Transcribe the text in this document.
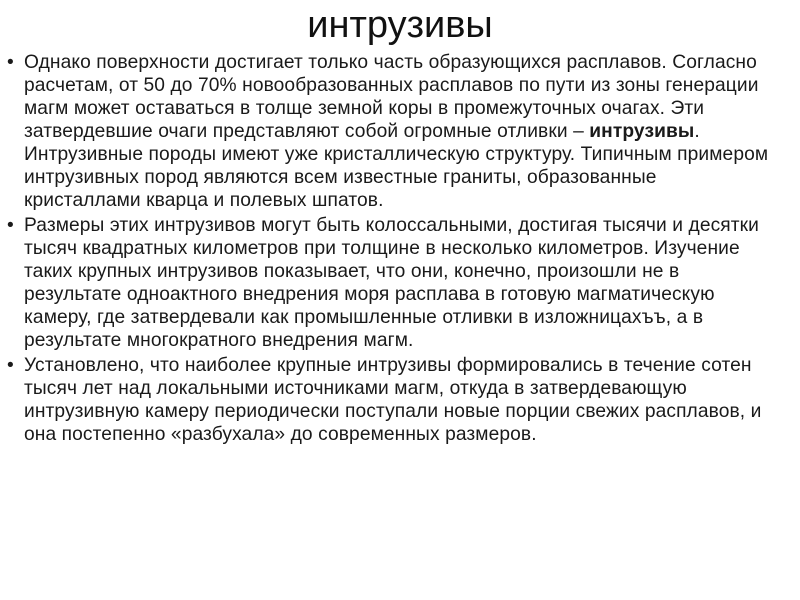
интрузивы
• Однако поверхности достигает только часть образующихся расплавов. Согласно расчетам, от 50 до 70% новообразованных расплавов по пути из зоны генерации магм может оставаться в толще земной коры в промежуточных очагах. Эти затвердевшие очаги представляют собой огромные отливки – интрузивы. Интрузивные породы имеют уже кристаллическую структуру. Типичным примером интрузивных пород являются всем известные граниты, образованные кристаллами кварца и полевых шпатов.
• Размеры этих интрузивов могут быть колоссальными, достигая тысячи и десятки тысяч квадратных километров при толщине в несколько километров. Изучение таких крупных интрузивов показывает, что они, конечно, произошли не в результате одноактного внедрения моря расплава в готовую магматическую камеру, где затвердевали как промышленные отливки в изложницахъъ, а в результате многократного внедрения магм.
• Установлено, что наиболее крупные интрузивы формировались в течение сотен тысяч лет над локальными источниками магм, откуда в затвердевающую интрузивную камеру периодически поступали новые порции свежих расплавов, и она постепенно «разбухала» до современных размеров.
